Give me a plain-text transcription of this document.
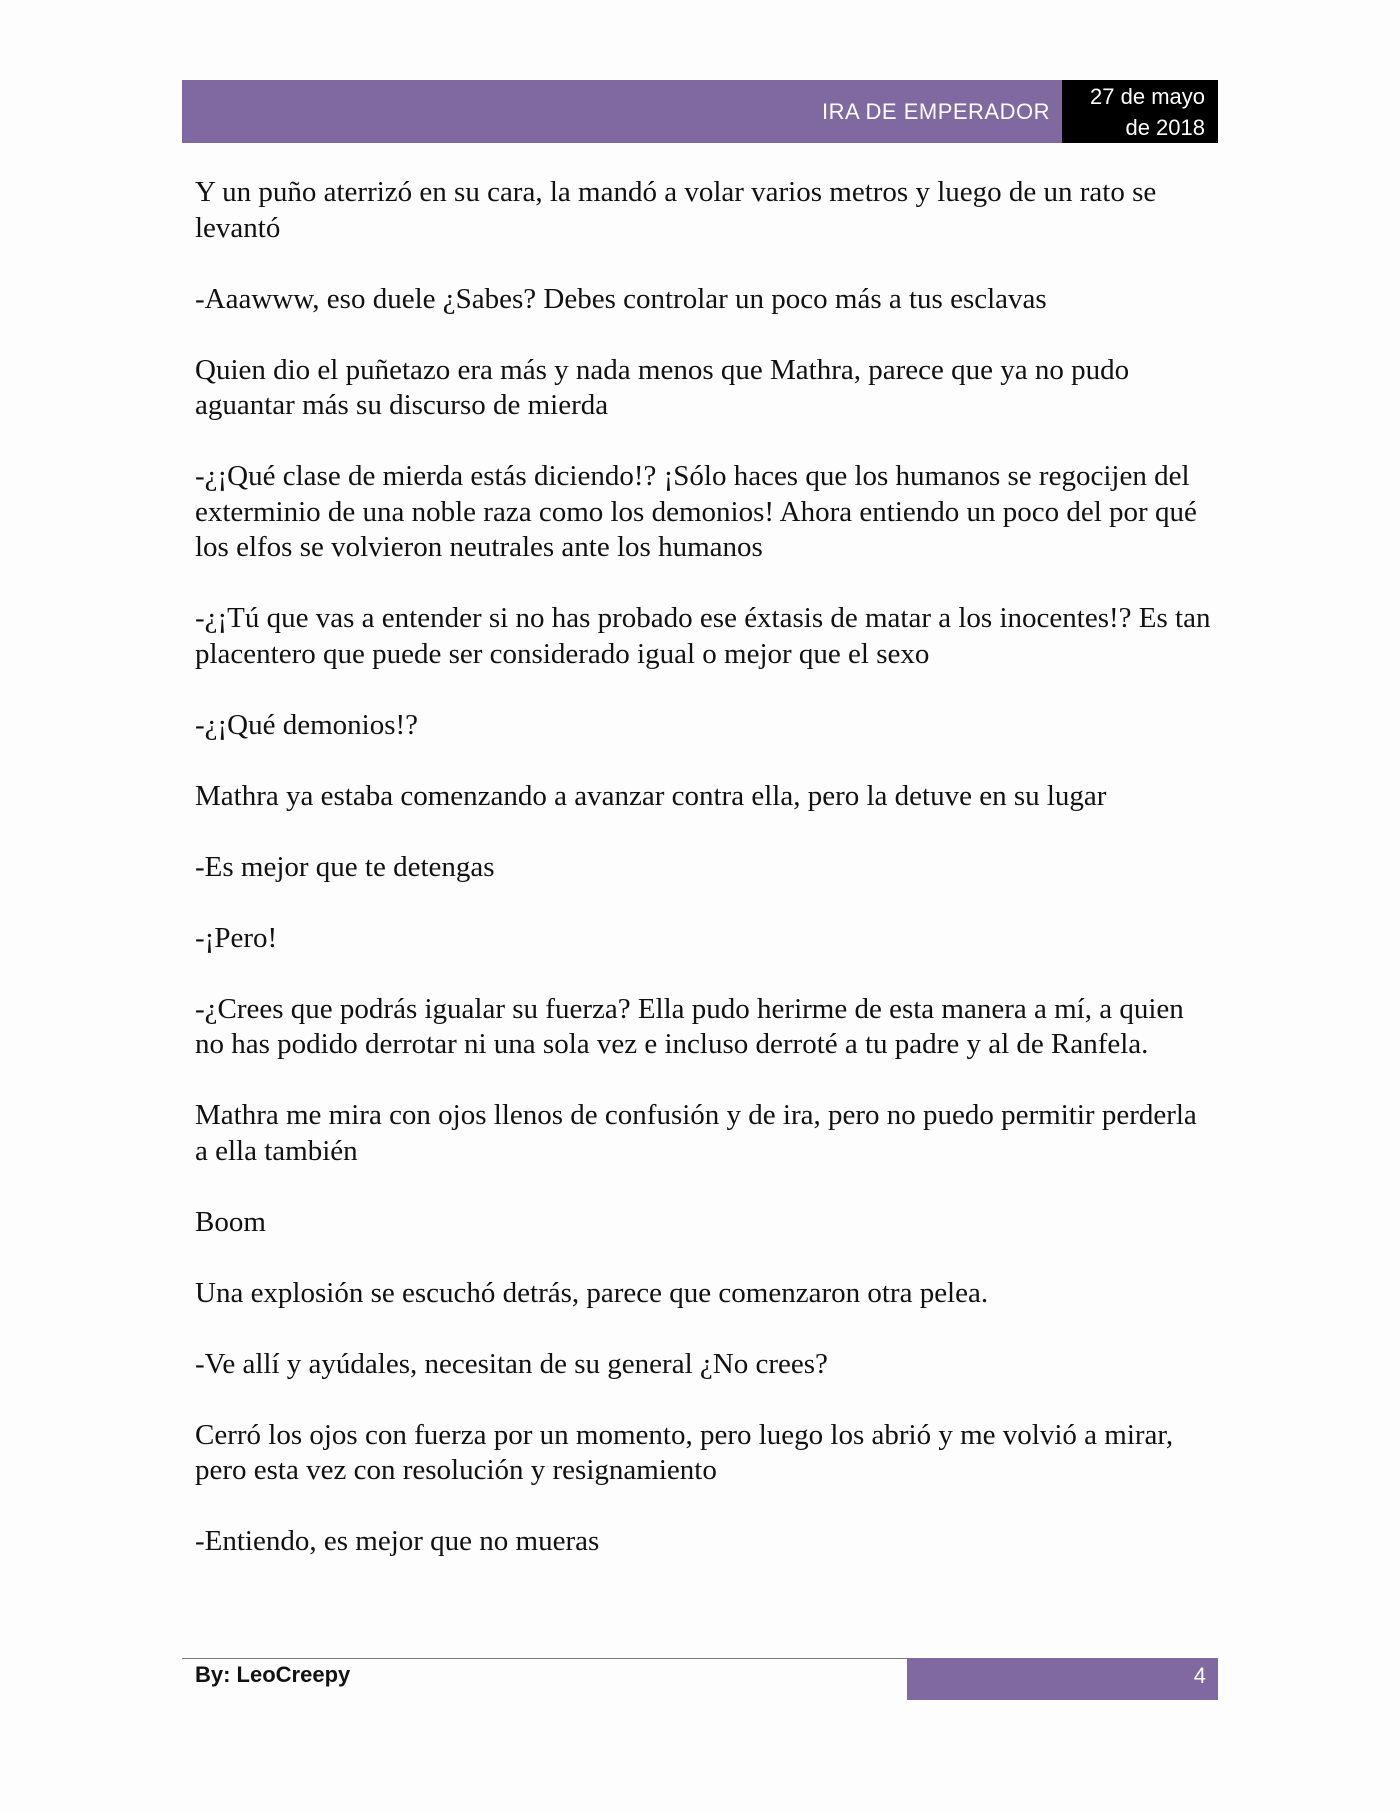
IRA DE EMPERADOR
27 de mayo
de 2018

Y un puño aterrizó en su cara, la mandó a volar varios metros y luego de un rato se levantó

-Aaawww, eso duele ¿Sabes? Debes controlar un poco más a tus esclavas

Quien dio el puñetazo era más y nada menos que Mathra, parece que ya no pudo aguantar más su discurso de mierda

-¿¡Qué clase de mierda estás diciendo!? ¡Sólo haces que los humanos se regocijen del exterminio de una noble raza como los demonios! Ahora entiendo un poco del por qué los elfos se volvieron neutrales ante los humanos

-¿¡Tú que vas a entender si no has probado ese éxtasis de matar a los inocentes!? Es tan placentero que puede ser considerado igual o mejor que el sexo

-¿¡Qué demonios!?

Mathra ya estaba comenzando a avanzar contra ella, pero la detuve en su lugar

-Es mejor que te detengas

-¡Pero!

-¿Crees que podrás igualar su fuerza? Ella pudo herirme de esta manera a mí, a quien no has podido derrotar ni una sola vez e incluso derroté a tu padre y al de Ranfela.

Mathra me mira con ojos llenos de confusión y de ira, pero no puedo permitir perderla a ella también

Boom

Una explosión se escuchó detrás, parece que comenzaron otra pelea.

-Ve allí y ayúdales, necesitan de su general ¿No crees?

Cerró los ojos con fuerza por un momento, pero luego los abrió y me volvió a mirar, pero esta vez con resolución y resignamiento

-Entiendo, es mejor que no mueras

By: LeoCreepy	4
